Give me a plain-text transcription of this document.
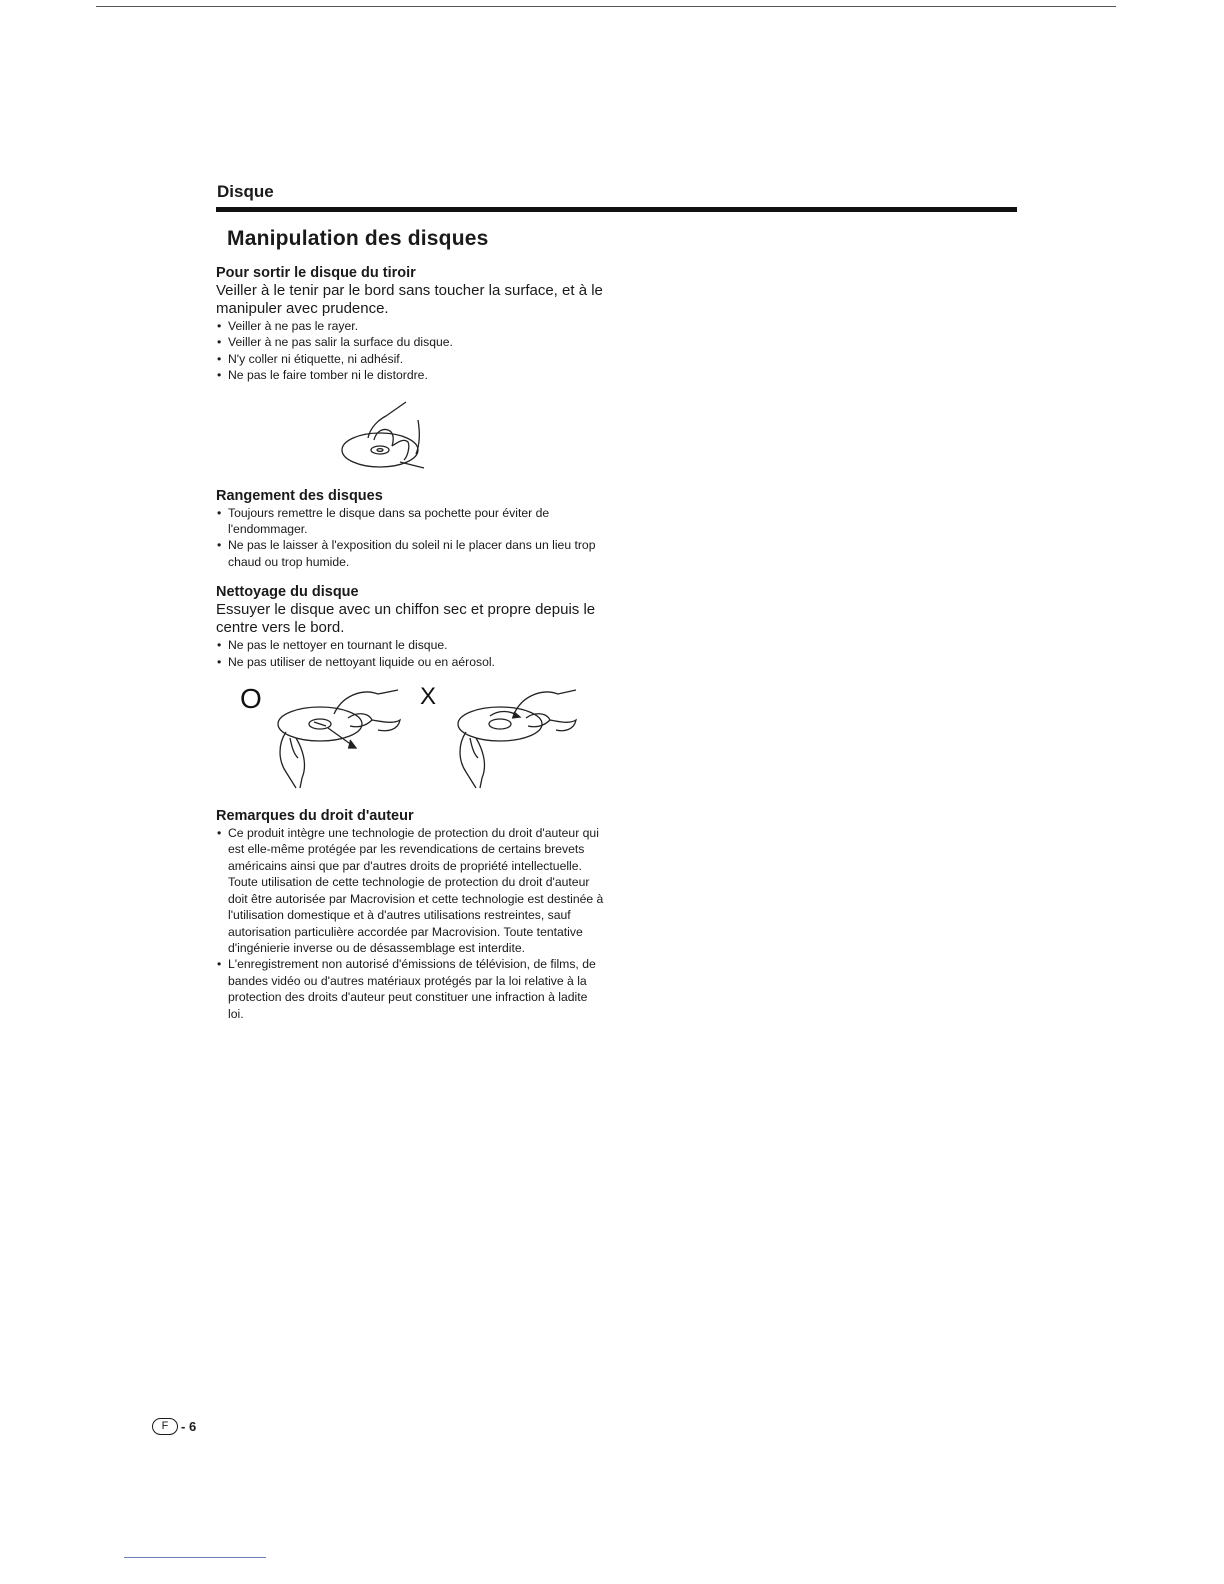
Disque
Manipulation des disques
Pour sortir le disque du tiroir

Veiller à le tenir par le bord sans toucher la surface, et à le manipuler avec prudence.

• Veiller à ne pas le rayer.
• Veiller à ne pas salir la surface du disque.
• N'y coller ni étiquette, ni adhésif.
• Ne pas le faire tomber ni le distordre.
Rangement des disques
• Toujours remettre le disque dans sa pochette pour éviter de l'endommager.
• Ne pas le laisser à l'exposition du soleil ni le placer dans un lieu trop chaud ou trop humide.
Nettoyage du disque

Essuyer le disque avec un chiffon sec et propre depuis le centre vers le bord.

• Ne pas le nettoyer en tournant le disque.
• Ne pas utiliser de nettoyant liquide ou en aérosol.
O	X
Remarques du droit d'auteur
• Ce produit intègre une technologie de protection du droit d'auteur qui est elle-même protégée par les revendications de certains brevets américains ainsi que par d'autres droits de propriété intellectuelle. Toute utilisation de cette technologie de protection du droit d'auteur doit être autorisée par Macrovision et cette technologie est destinée à l'utilisation domestique et à d'autres utilisations restreintes, sauf autorisation particulière accordée par Macrovision. Toute tentative d'ingénierie inverse ou de désassemblage est interdite.
• L'enregistrement non autorisé d'émissions de télévision, de films, de bandes vidéo ou d'autres matériaux protégés par la loi relative à la protection des droits d'auteur peut constituer une infraction à ladite loi.
F - 6
